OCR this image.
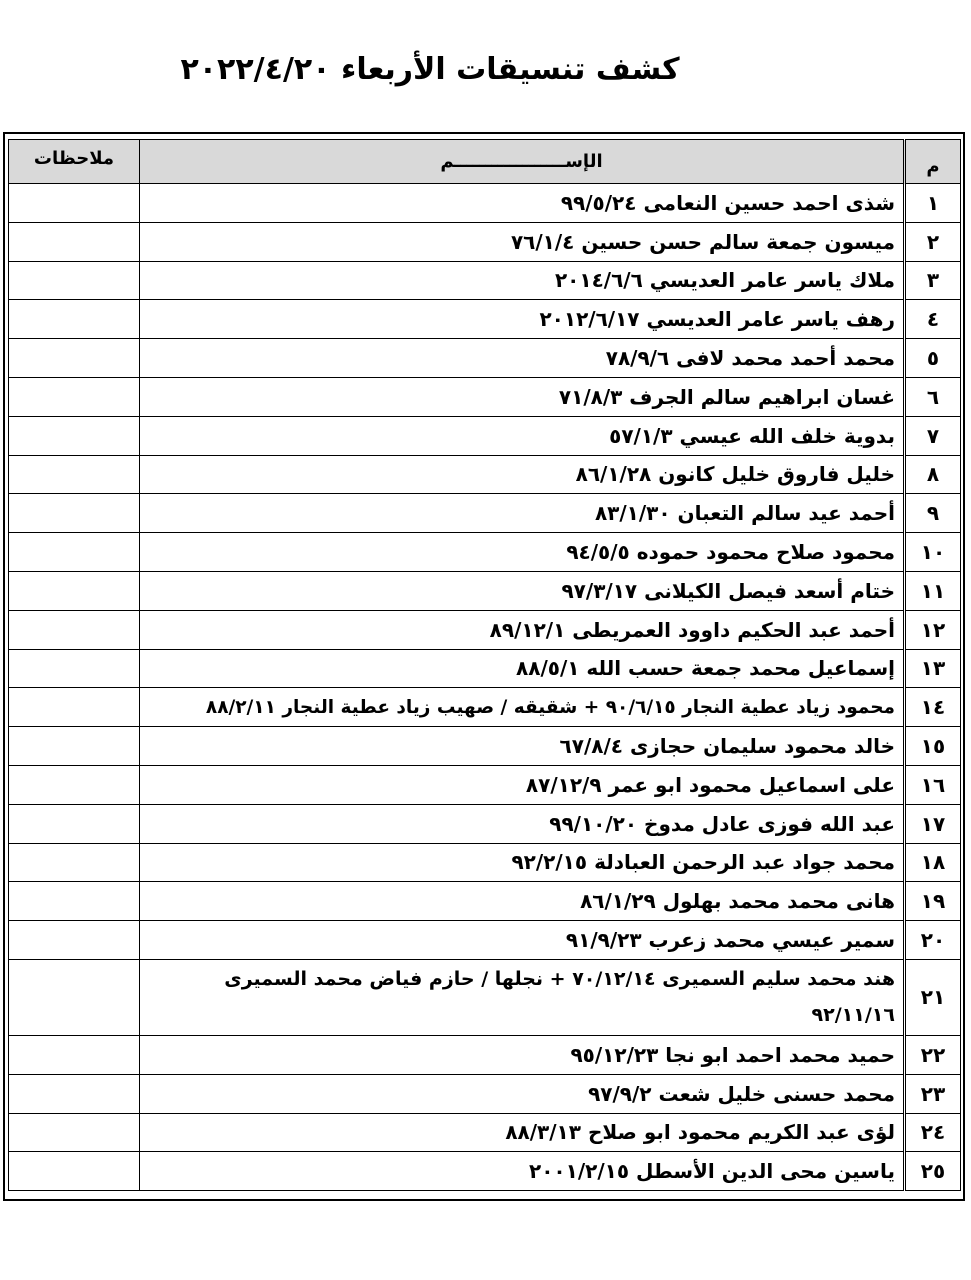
كشف تنسيقات الأربعاء ٢٠٢٢/٤/٢٠
م	الإســــــــــــــــــم	ملاحظات
١	شذى احمد حسين النعامى ٩٩/٥/٢٤	
٢	ميسون جمعة سالم حسن حسين ٧٦/١/٤	
٣	ملاك ياسر عامر العديسي ٢٠١٤/٦/٦	
٤	رهف ياسر عامر العديسي ٢٠١٢/٦/١٧	
٥	محمد أحمد محمد لافى ٧٨/٩/٦	
٦	غسان ابراهيم سالم الجرف ٧١/٨/٣	
٧	بدوية خلف الله عيسي ٥٧/١/٣	
٨	خليل فاروق خليل كانون ٨٦/١/٢٨	
٩	أحمد عيد سالم التعبان ٨٣/١/٣٠	
١٠	محمود صلاح محمود حموده ٩٤/٥/٥	
١١	ختام أسعد فيصل الكيلانى ٩٧/٣/١٧	
١٢	أحمد عبد الحكيم داوود العمريطى ٨٩/١٢/١	
١٣	إسماعيل محمد جمعة حسب الله ٨٨/٥/١	
١٤	محمود زياد عطية النجار ٩٠/٦/١٥ + شقيقه / صهيب زياد عطية النجار ٨٨/٢/١١	
١٥	خالد محمود سليمان حجازى ٦٧/٨/٤	
١٦	على اسماعيل محمود ابو عمر ٨٧/١٢/٩	
١٧	عبد الله فوزى عادل مدوخ ٩٩/١٠/٢٠	
١٨	محمد جواد عبد الرحمن العبادلة ٩٢/٢/١٥	
١٩	هانى محمد محمد بهلول ٨٦/١/٢٩	
٢٠	سمير عيسي محمد زعرب ٩١/٩/٢٣	
٢١	هند محمد سليم السميرى ٧٠/١٢/١٤ + نجلها / حازم فياض محمد السميرى ٩٢/١١/١٦	
٢٢	حميد محمد احمد ابو نجا ٩٥/١٢/٢٣	
٢٣	محمد حسنى خليل شعت ٩٧/٩/٢	
٢٤	لؤى عبد الكريم محمود ابو صلاح ٨٨/٣/١٣	
٢٥	ياسين محى الدين الأسطل ٢٠٠١/٢/١٥	
